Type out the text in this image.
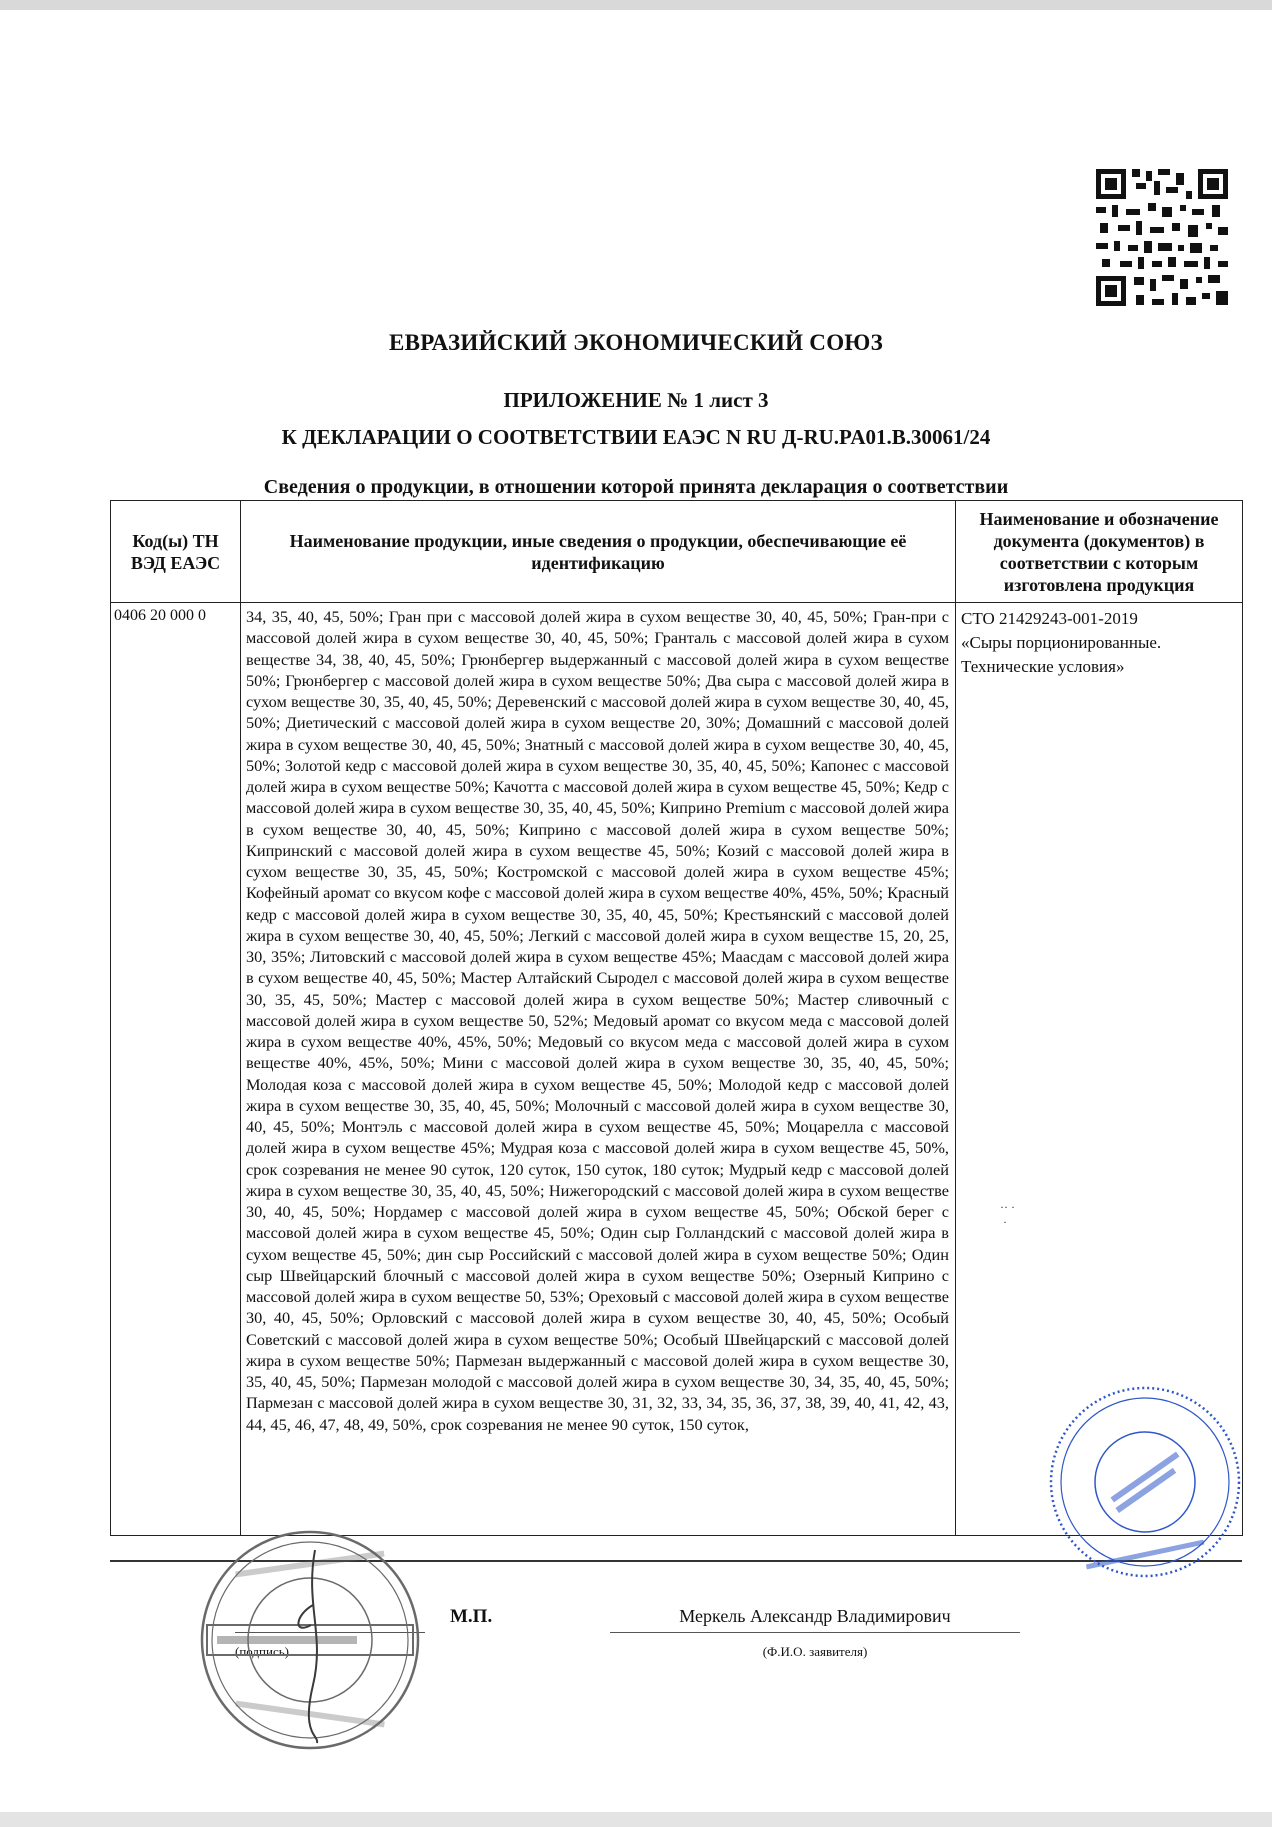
ЕВРАЗИЙСКИЙ ЭКОНОМИЧЕСКИЙ СОЮЗ
ПРИЛОЖЕНИЕ № 1 лист 3
К ДЕКЛАРАЦИИ О СООТВЕТСТВИИ ЕАЭС N RU Д-RU.PA01.B.30061/24
Сведения о продукции, в отношении которой принята декларация о соответствии
Код(ы) ТН ВЭД ЕАЭС	Наименование продукции, иные сведения о продукции, обеспечивающие её идентификацию	Наименование и обозначение документа (документов) в соответствии с которым изготовлена продукция
0406 20 000 0	34, 35, 40, 45, 50%; Гран при с массовой долей жира в сухом веществе 30, 40, 45, 50%; Гран-при с массовой долей жира в сухом веществе 30, 40, 45, 50%; Гранталь с массовой долей жира в сухом веществе 34, 38, 40, 45, 50%; Грюнбергер выдержанный с массовой долей жира в сухом веществе 50%; Грюнбергер с массовой долей жира в сухом веществе 50%; Два сыра с массовой долей жира в сухом веществе 30, 35, 40, 45, 50%; Деревенский с массовой долей жира в сухом веществе 30, 40, 45, 50%; Диетический с массовой долей жира в сухом веществе 20, 30%; Домашний с массовой долей жира в сухом веществе 30, 40, 45, 50%; Знатный с массовой долей жира в сухом веществе 30, 40, 45, 50%; Золотой кедр с массовой долей жира в сухом веществе 30, 35, 40, 45, 50%; Капонес с массовой долей жира в сухом веществе 50%; Качотта с массовой долей жира в сухом веществе 45, 50%; Кедр с массовой долей жира в сухом веществе 30, 35, 40, 45, 50%; Киприно Premium с массовой долей жира в сухом веществе 30, 40, 45, 50%; Киприно с массовой долей жира в сухом веществе 50%; Кипринский с массовой долей жира в сухом веществе 45, 50%; Козий с массовой долей жира в сухом веществе 30, 35, 45, 50%; Костромской с массовой долей жира в сухом веществе 45%; Кофейный аромат со вкусом кофе с массовой долей жира в сухом веществе 40%, 45%, 50%; Красный кедр с массовой долей жира в сухом веществе 30, 35, 40, 45, 50%; Крестьянский с массовой долей жира в сухом веществе 30, 40, 45, 50%; Легкий с массовой долей жира в сухом веществе 15, 20, 25, 30, 35%; Литовский с массовой долей жира в сухом веществе 45%; Маасдам с массовой долей жира в сухом веществе 40, 45, 50%; Мастер Алтайский Сыродел с массовой долей жира в сухом веществе 30, 35, 45, 50%; Мастер с массовой долей жира в сухом веществе 50%; Мастер сливочный с массовой долей жира в сухом веществе 50, 52%; Медовый аромат со вкусом меда с массовой долей жира в сухом веществе 40%, 45%, 50%; Медовый со вкусом меда с массовой долей жира в сухом веществе 40%, 45%, 50%; Мини с массовой долей жира в сухом веществе 30, 35, 40, 45, 50%; Молодая коза с массовой долей жира в сухом веществе 45, 50%; Молодой кедр с массовой долей жира в сухом веществе 30, 35, 40, 45, 50%; Молочный с массовой долей жира в сухом веществе 30, 40, 45, 50%; Монтэль с массовой долей жира в сухом веществе 45, 50%; Моцарелла с массовой долей жира в сухом веществе 45%; Мудрая коза с массовой долей жира в сухом веществе 45, 50%, срок созревания не менее 90 суток, 120 суток, 150 суток, 180 суток; Мудрый кедр с массовой долей жира в сухом веществе 30, 35, 40, 45, 50%; Нижегородский с массовой долей жира в сухом веществе 30, 40, 45, 50%; Нордамер с массовой долей жира в сухом веществе 45, 50%; Обской берег с массовой долей жира в сухом веществе 45, 50%; Один сыр Голландский с массовой долей жира в сухом веществе 45, 50%; дин сыр Российский с массовой долей жира в сухом веществе 50%; Один сыр Швейцарский блочный с массовой долей жира в сухом веществе 50%; Озерный Киприно с массовой долей жира в сухом веществе 50, 53%; Ореховый с массовой долей жира в сухом веществе 30, 40, 45, 50%; Орловский с массовой долей жира в сухом веществе 30, 40, 45, 50%; Особый Советский с массовой долей жира в сухом веществе 50%; Особый Швейцарский с массовой долей жира в сухом веществе 50%; Пармезан выдержанный с массовой долей жира в сухом веществе 30, 35, 40, 45, 50%; Пармезан молодой с массовой долей жира в сухом веществе 30, 34, 35, 40, 45, 50%; Пармезан с массовой долей жира в сухом веществе 30, 31, 32, 33, 34, 35, 36, 37, 38, 39, 40, 41, 42, 43, 44, 45, 46, 47, 48, 49, 50%, срок созревания не менее 90 суток, 150 суток,	СТО 21429243-001-2019
«Сыры порционированные. Технические условия»
·· ·
·
(подпись)
М.П.	Меркель Александр Владимирович
(Ф.И.О. заявителя)
